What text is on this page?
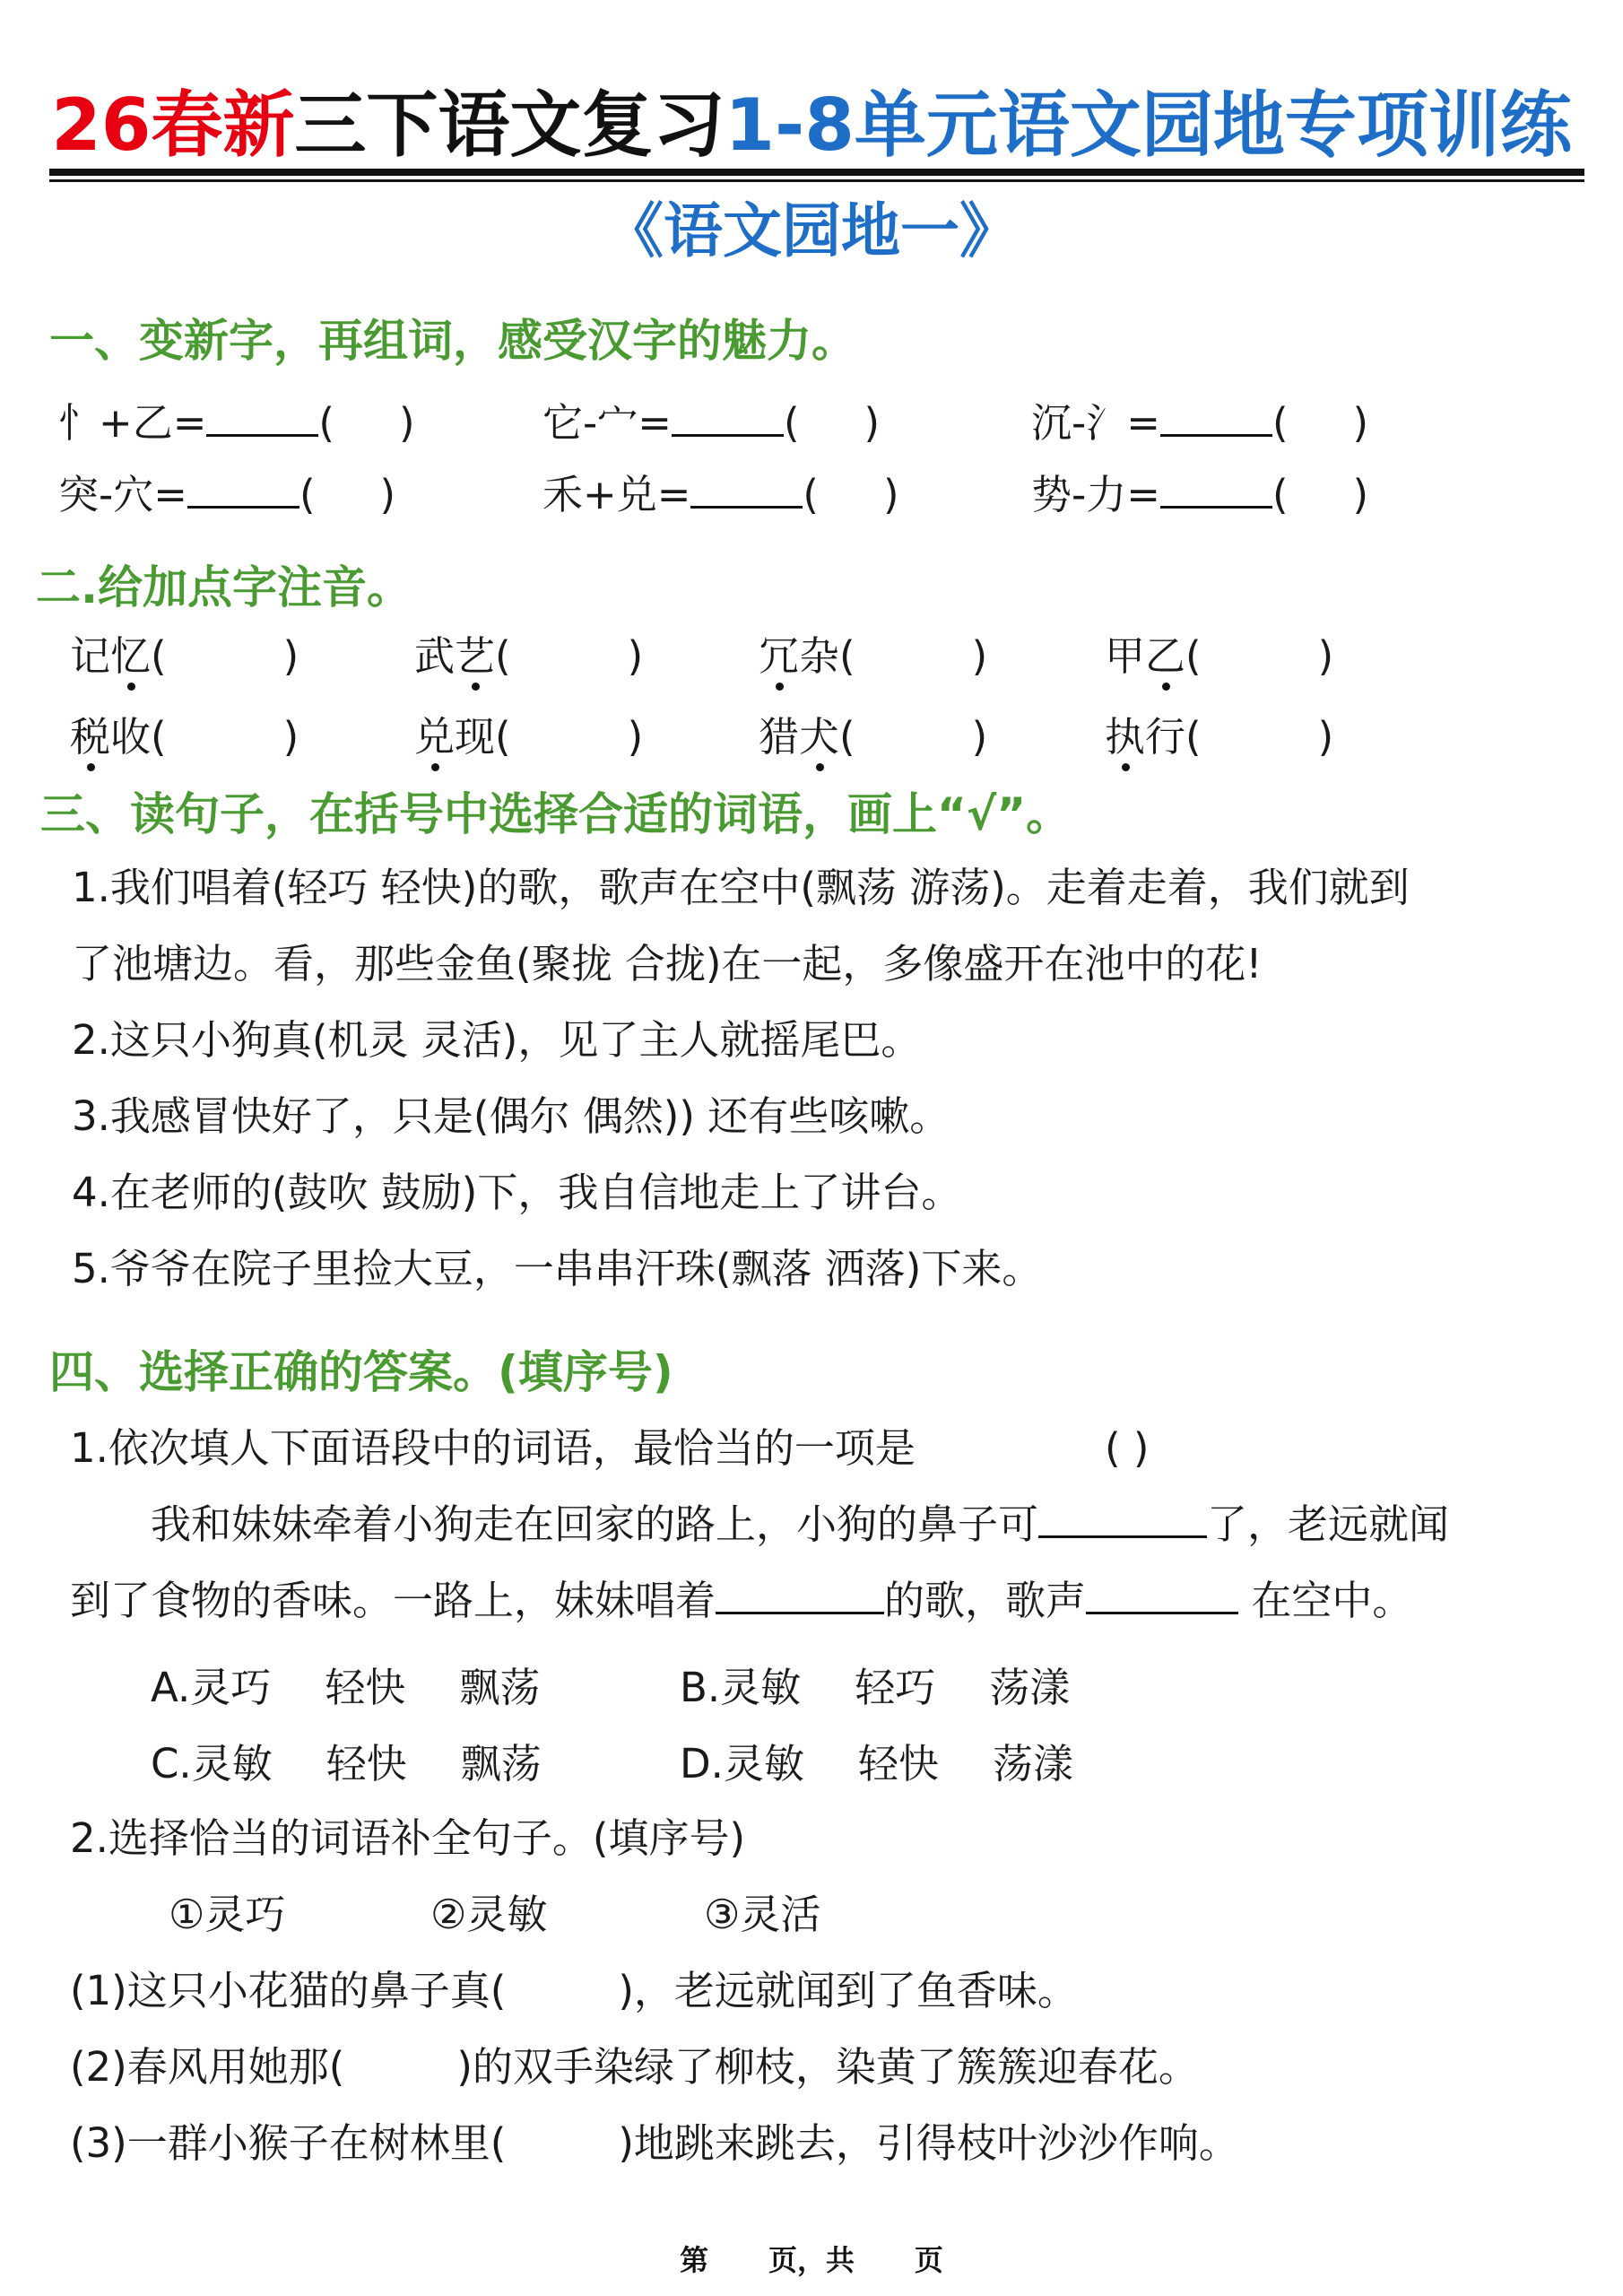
26春新三下语文复习1-8单元语文园地专项训练
《语文园地一》
一、变新字，再组词，感受汉字的魅力。
忄+乙=	( )	它-宀=	( )	沉-氵=	( )
突-穴=	( )	禾+兑=	( )	势-力=	( )
二.给加点字注音。
记忆(	)	武艺(	)	冗杂(	)	甲乙(	)
税收(	)	兑现(	)	猎犬(	)	执行(	)
三、读句子，在括号中选择合适的词语，画上“√”。
1.我们唱着(轻巧 轻快)的歌，歌声在空中(飘荡 游荡)。走着走着，我们就到
了池塘边。看，那些金鱼(聚拢 合拢)在一起，多像盛开在池中的花!
2.这只小狗真(机灵 灵活)，见了主人就摇尾巴。
3.我感冒快好了，只是(偶尔 偶然)) 还有些咳嗽。
4.在老师的(鼓吹 鼓励)下，我自信地走上了讲台。
5.爷爷在院子里捡大豆，一串串汗珠(飘落 洒落)下来。
四、选择正确的答案。(填序号)
1.依次填人下面语段中的词语，最恰当的一项是	( )
我和妹妹牵着小狗走在回家的路上，小狗的鼻子可	了，老远就闻
到了食物的香味。一路上，妹妹唱着	的歌，歌声	在空中。
A.灵巧 轻快 飘荡	B.灵敏 轻巧 荡漾
C.灵敏 轻快 飘荡	D.灵敏 轻快 荡漾
2.选择恰当的词语补全句子。(填序号)
①灵巧	②灵敏	③灵活
(1)这只小花猫的鼻子真(	)，老远就闻到了鱼香味。
(2)春风用她那(	)的双手染绿了柳枝，染黄了簇簇迎春花。
(3)一群小猴子在树林里(	)地跳来跳去，引得枝叶沙沙作响。
第      页，共      页
